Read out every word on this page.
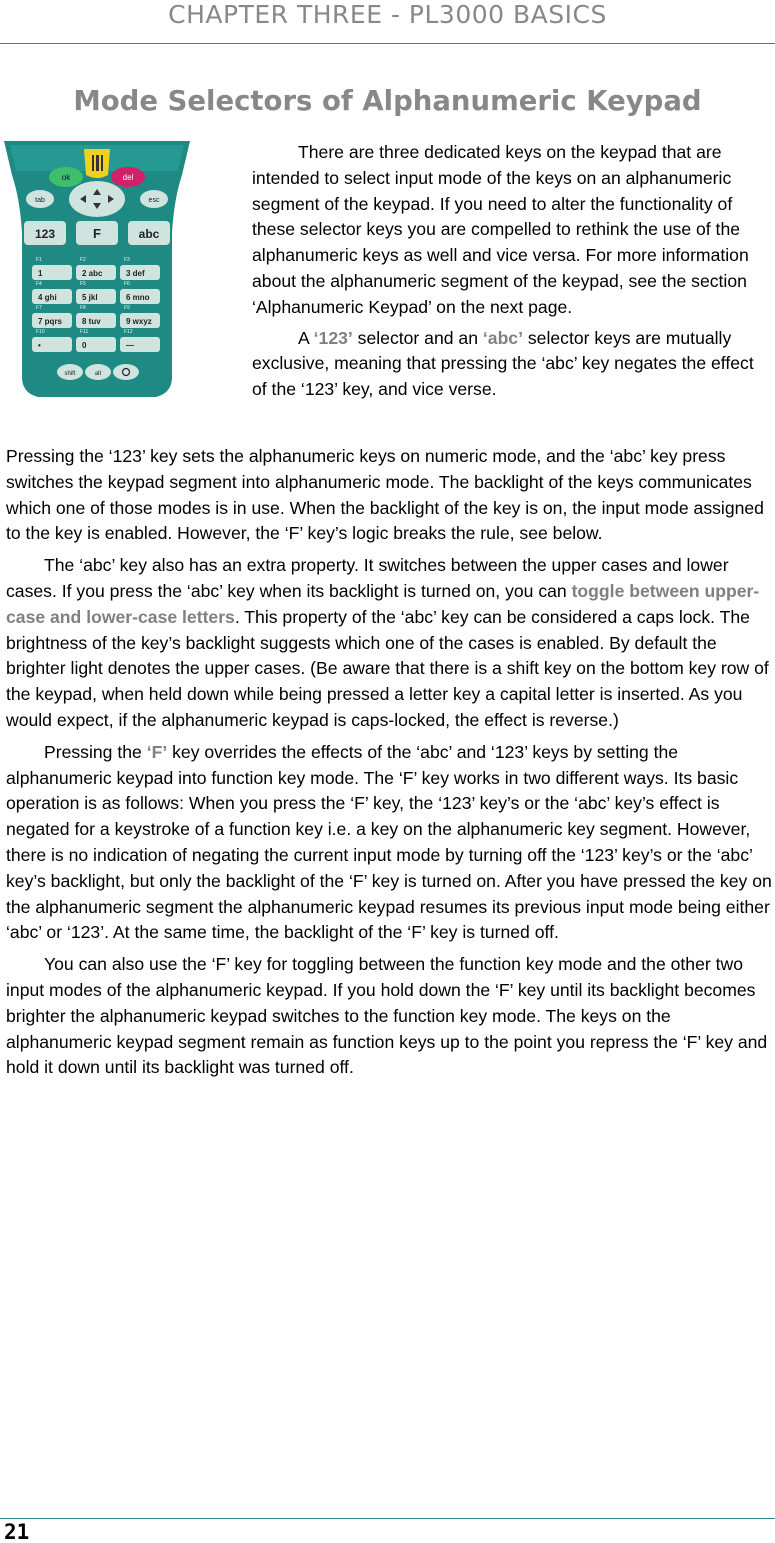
CHAPTER THREE - PL3000 BASICS
Mode Selectors of Alphanumeric Keypad
ok	del
tab	esc
123	F	abc
F1
1
F2
2 abc
F3
3 def
F4
4 ghi
F5
5 jkl
F6
6 mno
F7
7 pqrs
F8
8 tuv
F9
9 wxyz
F10
•
F11
0
F12
—
shift	alt

There are three dedicated keys on the keypad that are intended to select input mode of the keys on an alphanumeric segment of the keypad. If you need to alter the functionality of these selector keys you are compelled to rethink the use of the alphanumeric keys as well and vice versa. For more information about the alphanumeric segment of the keypad, see the section ‘Alphanumeric Keypad’ on the next page.

A ‘123’ selector and an ‘abc’ selector keys are mutually exclusive, meaning that pressing the ‘abc’ key negates the effect of the ‘123’ key, and vice verse.

Pressing the ‘123’ key sets the alphanumeric keys on numeric mode, and the ‘abc’ key press switches the keypad segment into alphanumeric mode. The backlight of the keys communicates which one of those modes is in use. When the backlight of the key is on, the input mode assigned to the key is enabled. However, the ‘F’ key’s logic breaks the rule, see below.

The ‘abc’ key also has an extra property. It switches between the upper cases and lower cases. If you press the ‘abc’ key when its backlight is turned on, you can toggle between upper-case and lower-case letters. This property of the ‘abc’ key can be considered a caps lock. The brightness of the key’s backlight suggests which one of the cases is enabled. By default the brighter light denotes the upper cases. (Be aware that there is a shift key on the bottom key row of the keypad, when held down while being pressed a letter key a capital letter is inserted. As you would expect, if the alphanumeric keypad is caps-locked, the effect is reverse.)

Pressing the ‘F’ key overrides the effects of the ‘abc’ and ‘123’ keys by setting the alphanumeric keypad into function key mode. The ‘F’ key works in two different ways. Its basic operation is as follows: When you press the ‘F’ key, the ‘123’ key’s or the ‘abc’ key’s effect is negated for a keystroke of a function key i.e. a key on the alphanumeric key segment. However, there is no indication of negating the current input mode by turning off the ‘123’ key’s or the ‘abc’ key’s backlight, but only the backlight of the ‘F’ key is turned on. After you have pressed the key on the alphanumeric segment the alphanumeric keypad resumes its previous input mode being either ‘abc’ or ‘123’. At the same time, the backlight of the ‘F’ key is turned off.

You can also use the ‘F’ key for toggling between the function key mode and the other two input modes of the alphanumeric keypad. If you hold down the ‘F’ key until its backlight becomes brighter the alphanumeric keypad switches to the function key mode. The keys on the alphanumeric keypad segment remain as function keys up to the point you repress the ‘F’ key and hold it down until its backlight was turned off.

21
